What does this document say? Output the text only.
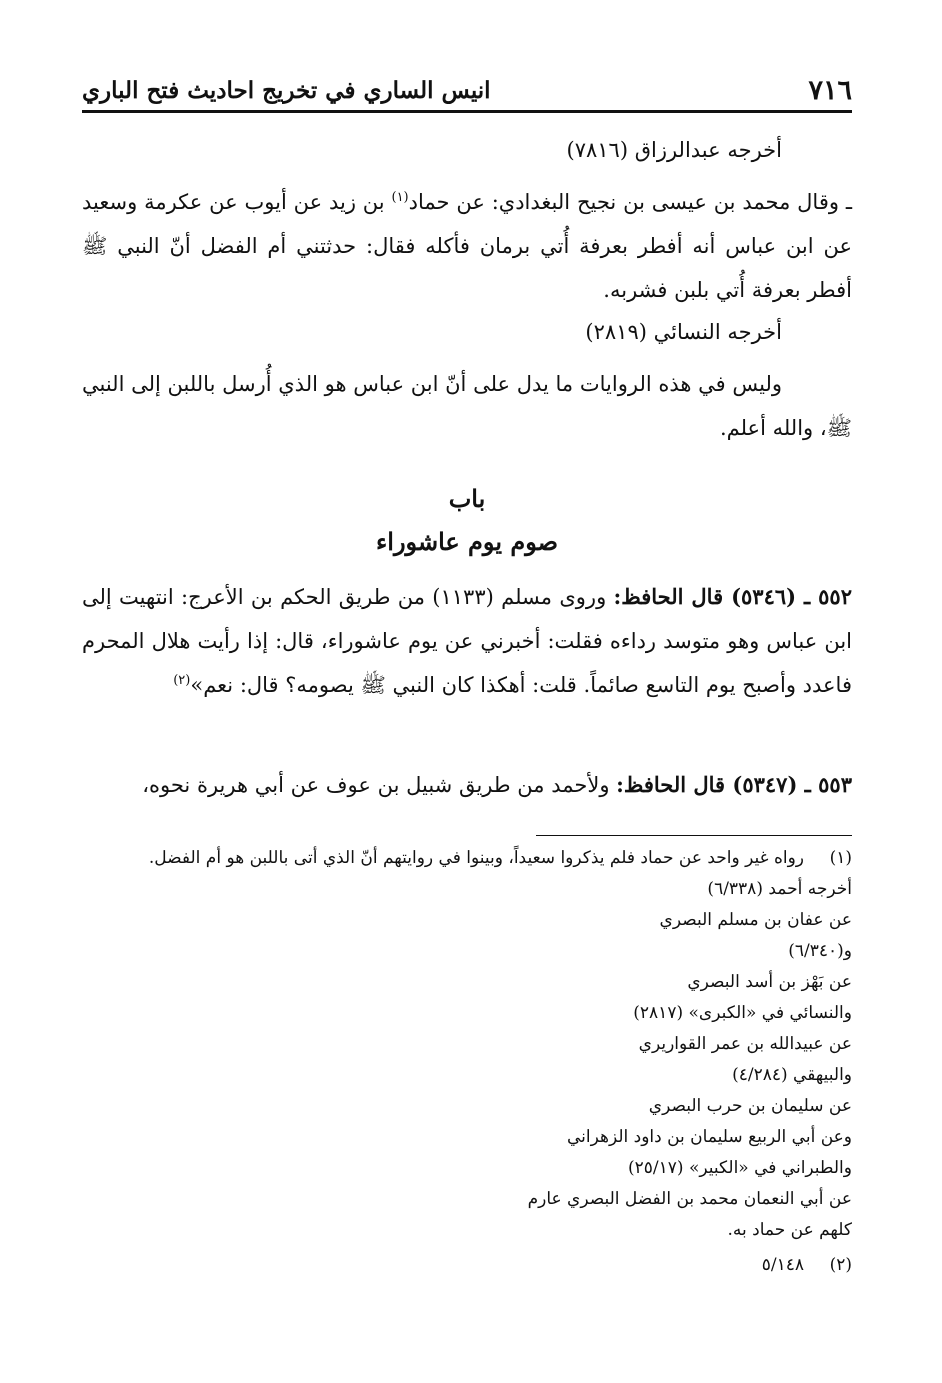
٧١٦
انيس الساري في تخريج احاديث فتح الباري

أخرجه عبدالرزاق (٧٨١٦)

ـ وقال محمد بن عيسى بن نجيح البغدادي: عن حماد$^{(١)}$ بن زيد عن أيوب عن عكرمة وسعيد عن ابن عباس أنه أفطر بعرفة أُتي برمان فأكله فقال: حدثتني أم الفضل أنّ النبي ﷺ أفطر بعرفة أُتي بلبن فشربه.

أخرجه النسائي (٢٨١٩)

وليس في هذه الروايات ما يدل على أنّ ابن عباس هو الذي أُرسل باللبن إلى النبي ﷺ، والله أعلم.

باب

صوم يوم عاشوراء

٥٥٢ ـ (٥٣٤٦) قال الحافظ: وروى مسلم (١١٣٣) من طريق الحكم بن الأعرج: انتهيت إلى ابن عباس وهو متوسد رداءه فقلت: أخبرني عن يوم عاشوراء، قال: إذا رأيت هلال المحرم فاعدد وأصبح يوم التاسع صائماً. قلت: أهكذا كان النبي ﷺ يصومه؟ قال: نعم»$^{(٢)}$

٥٥٣ ـ (٥٣٤٧) قال الحافظ: ولأحمد من طريق شبيل بن عوف عن أبي هريرة نحوه،

(١)
رواه غير واحد عن حماد فلم يذكروا سعيداً، وبينوا في روايتهم أنّ الذي أتى باللبن هو أم الفضل.
أخرجه أحمد (٦/٣٣٨)
عن عفان بن مسلم البصري
و(٦/٣٤٠)
عن بَهْز بن أسد البصري
والنسائي في «الكبرى» (٢٨١٧)
عن عبيدالله بن عمر القواريري
والبيهقي (٤/٢٨٤)
عن سليمان بن حرب البصري
وعن أبي الربيع سليمان بن داود الزهراني
والطبراني في «الكبير» (٢٥/١٧)
عن أبي النعمان محمد بن الفضل البصري عارم
كلهم عن حماد به.
(٢)
٥/١٤٨
